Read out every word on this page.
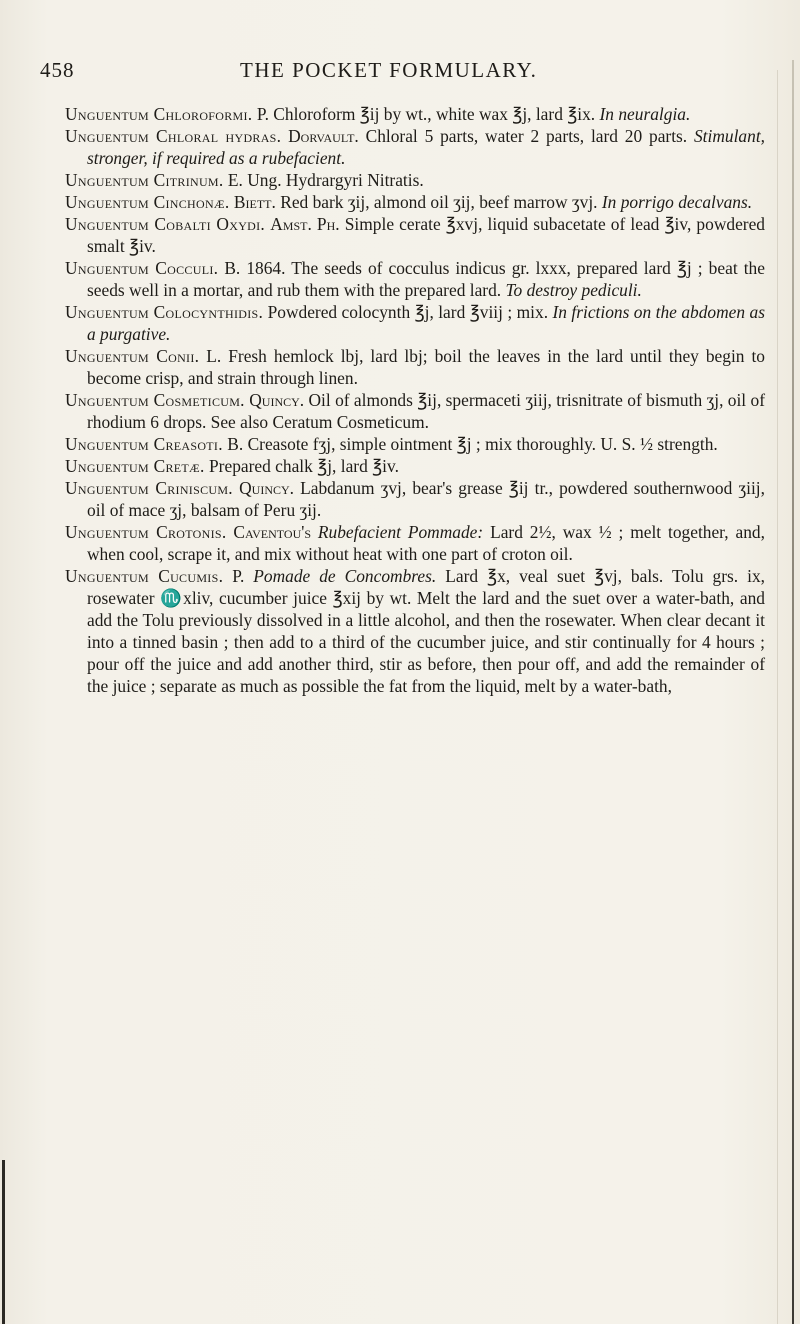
458	THE POCKET FORMULARY.

Unguentum Chloroformi. P. Chloroform ℥ij by wt., white wax ℥j, lard ℥ix. In neuralgia.

Unguentum Chloral hydras. Dorvault. Chloral 5 parts, water 2 parts, lard 20 parts. Stimulant, stronger, if required as a rubefacient.

Unguentum Citrinum. E. Ung. Hydrargyri Nitratis.

Unguentum Cinchonæ. Biett. Red bark ʒij, almond oil ʒij, beef marrow ʒvj. In porrigo decalvans.

Unguentum Cobalti Oxydi. Amst. Ph. Simple cerate ℥xvj, liquid subacetate of lead ℥iv, powdered smalt ℥iv.

Unguentum Cocculi. B. 1864. The seeds of cocculus indicus gr. lxxx, prepared lard ℥j ; beat the seeds well in a mortar, and rub them with the prepared lard. To destroy pediculi.

Unguentum Colocynthidis. Powdered colocynth ℥j, lard ℥viij ; mix. In frictions on the abdomen as a purgative.

Unguentum Conii. L. Fresh hemlock lbj, lard lbj; boil the leaves in the lard until they begin to become crisp, and strain through linen.

Unguentum Cosmeticum. Quincy. Oil of almonds ℥ij, spermaceti ʒiij, trisnitrate of bismuth ʒj, oil of rhodium 6 drops. See also Ceratum Cosmeticum.

Unguentum Creasoti. B. Creasote fʒj, simple ointment ℥j ; mix thoroughly. U. S. ½ strength.

Unguentum Cretæ. Prepared chalk ℥j, lard ℥iv.

Unguentum Criniscum. Quincy. Labdanum ʒvj, bear's grease ℥ij tr., powdered southernwood ʒiij, oil of mace ʒj, balsam of Peru ʒij.

Unguentum Crotonis. Caventou's Rubefacient Pommade: Lard 2½, wax ½ ; melt together, and, when cool, scrape it, and mix without heat with one part of croton oil.

Unguentum Cucumis. P. Pomade de Concombres. Lard ℥x, veal suet ℥vj, bals. Tolu grs. ix, rosewater ♏xliv, cucumber juice ℥xij by wt. Melt the lard and the suet over a water-bath, and add the Tolu previously dissolved in a little alcohol, and then the rosewater. When clear decant it into a tinned basin ; then add to a third of the cucumber juice, and stir continually for 4 hours ; pour off the juice and add another third, stir as before, then pour off, and add the remainder of the juice ; separate as much as possible the fat from the liquid, melt by a water-bath,
